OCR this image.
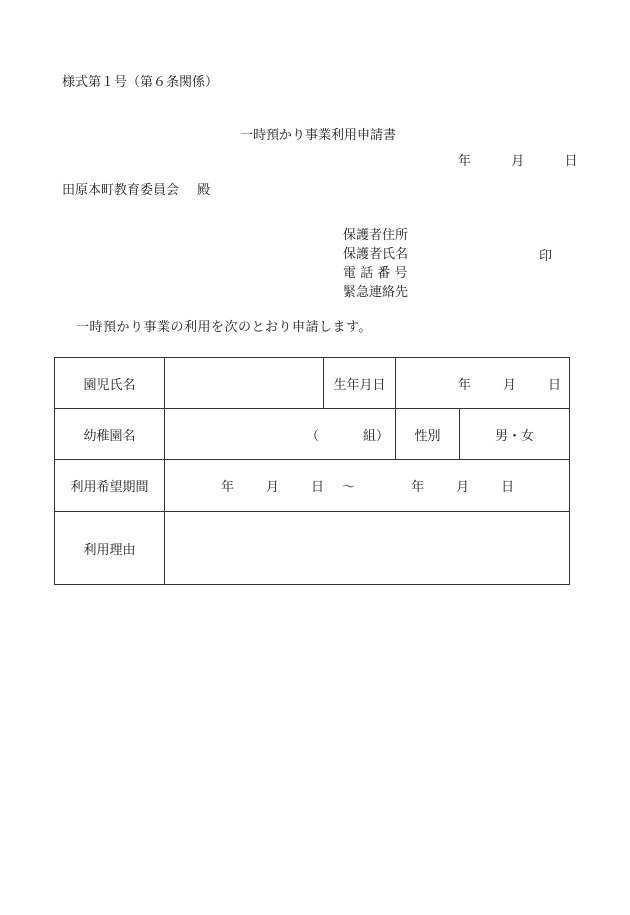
様式第１号（第６条関係）
一時預かり事業利用申請書
年	月	日
田原本町教育委員会 殿
保護者住所
保護者氏名
電 話 番 号
緊急連絡先
印
一時預かり事業の利用を次のとおり申請します。
園児氏名		生年月日	年 月 日	
幼稚園名	（ 組）		性別	男・女
利用希望期間	年 月 日 ～ 年 月 日			
利用理由				
